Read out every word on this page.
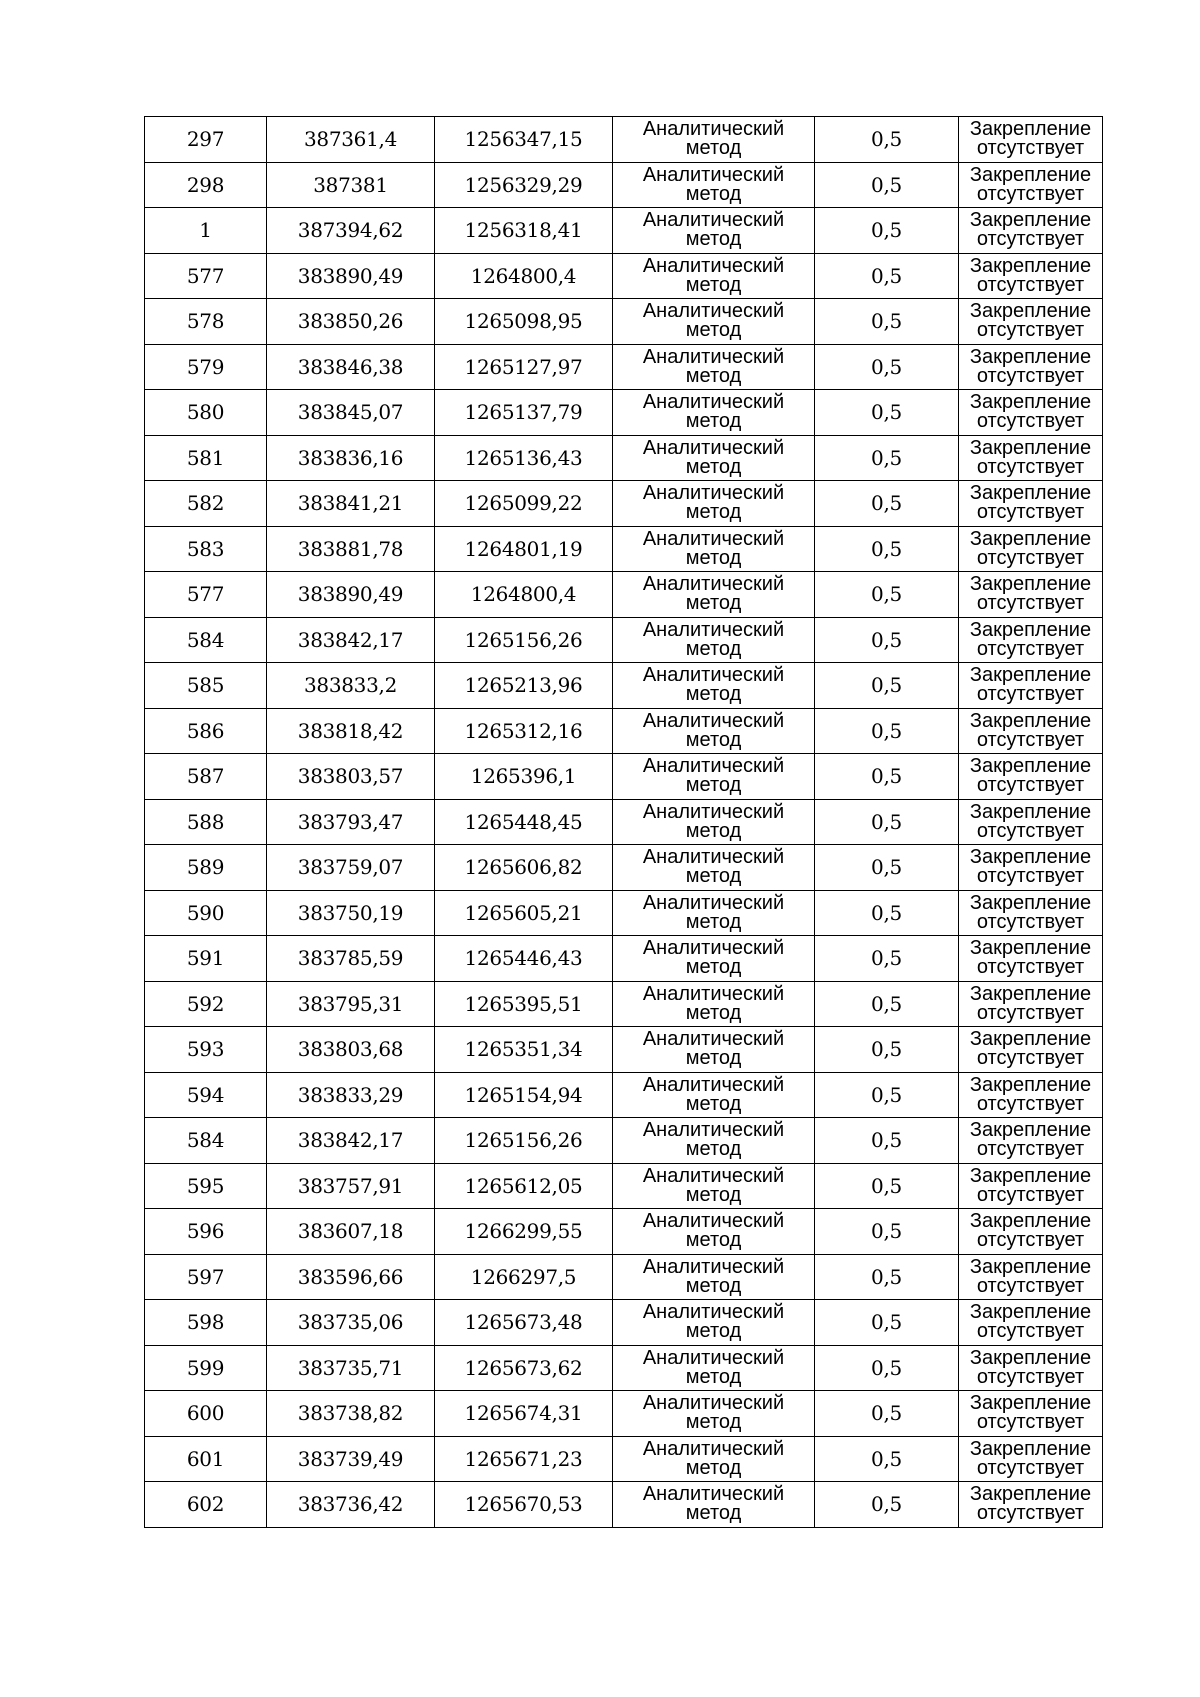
297	387361,4	1256347,15	Аналитический
метод	0,5	Закрепление
отсутствует

298	387381	1256329,29	Аналитический
метод	0,5	Закрепление
отсутствует

1	387394,62	1256318,41	Аналитический
метод	0,5	Закрепление
отсутствует

577	383890,49	1264800,4	Аналитический
метод	0,5	Закрепление
отсутствует

578	383850,26	1265098,95	Аналитический
метод	0,5	Закрепление
отсутствует

579	383846,38	1265127,97	Аналитический
метод	0,5	Закрепление
отсутствует

580	383845,07	1265137,79	Аналитический
метод	0,5	Закрепление
отсутствует

581	383836,16	1265136,43	Аналитический
метод	0,5	Закрепление
отсутствует

582	383841,21	1265099,22	Аналитический
метод	0,5	Закрепление
отсутствует

583	383881,78	1264801,19	Аналитический
метод	0,5	Закрепление
отсутствует

577	383890,49	1264800,4	Аналитический
метод	0,5	Закрепление
отсутствует

584	383842,17	1265156,26	Аналитический
метод	0,5	Закрепление
отсутствует

585	383833,2	1265213,96	Аналитический
метод	0,5	Закрепление
отсутствует

586	383818,42	1265312,16	Аналитический
метод	0,5	Закрепление
отсутствует

587	383803,57	1265396,1	Аналитический
метод	0,5	Закрепление
отсутствует

588	383793,47	1265448,45	Аналитический
метод	0,5	Закрепление
отсутствует

589	383759,07	1265606,82	Аналитический
метод	0,5	Закрепление
отсутствует

590	383750,19	1265605,21	Аналитический
метод	0,5	Закрепление
отсутствует

591	383785,59	1265446,43	Аналитический
метод	0,5	Закрепление
отсутствует

592	383795,31	1265395,51	Аналитический
метод	0,5	Закрепление
отсутствует

593	383803,68	1265351,34	Аналитический
метод	0,5	Закрепление
отсутствует

594	383833,29	1265154,94	Аналитический
метод	0,5	Закрепление
отсутствует

584	383842,17	1265156,26	Аналитический
метод	0,5	Закрепление
отсутствует

595	383757,91	1265612,05	Аналитический
метод	0,5	Закрепление
отсутствует

596	383607,18	1266299,55	Аналитический
метод	0,5	Закрепление
отсутствует

597	383596,66	1266297,5	Аналитический
метод	0,5	Закрепление
отсутствует

598	383735,06	1265673,48	Аналитический
метод	0,5	Закрепление
отсутствует

599	383735,71	1265673,62	Аналитический
метод	0,5	Закрепление
отсутствует

600	383738,82	1265674,31	Аналитический
метод	0,5	Закрепление
отсутствует

601	383739,49	1265671,23	Аналитический
метод	0,5	Закрепление
отсутствует

602	383736,42	1265670,53	Аналитический
метод	0,5	Закрепление
отсутствует
